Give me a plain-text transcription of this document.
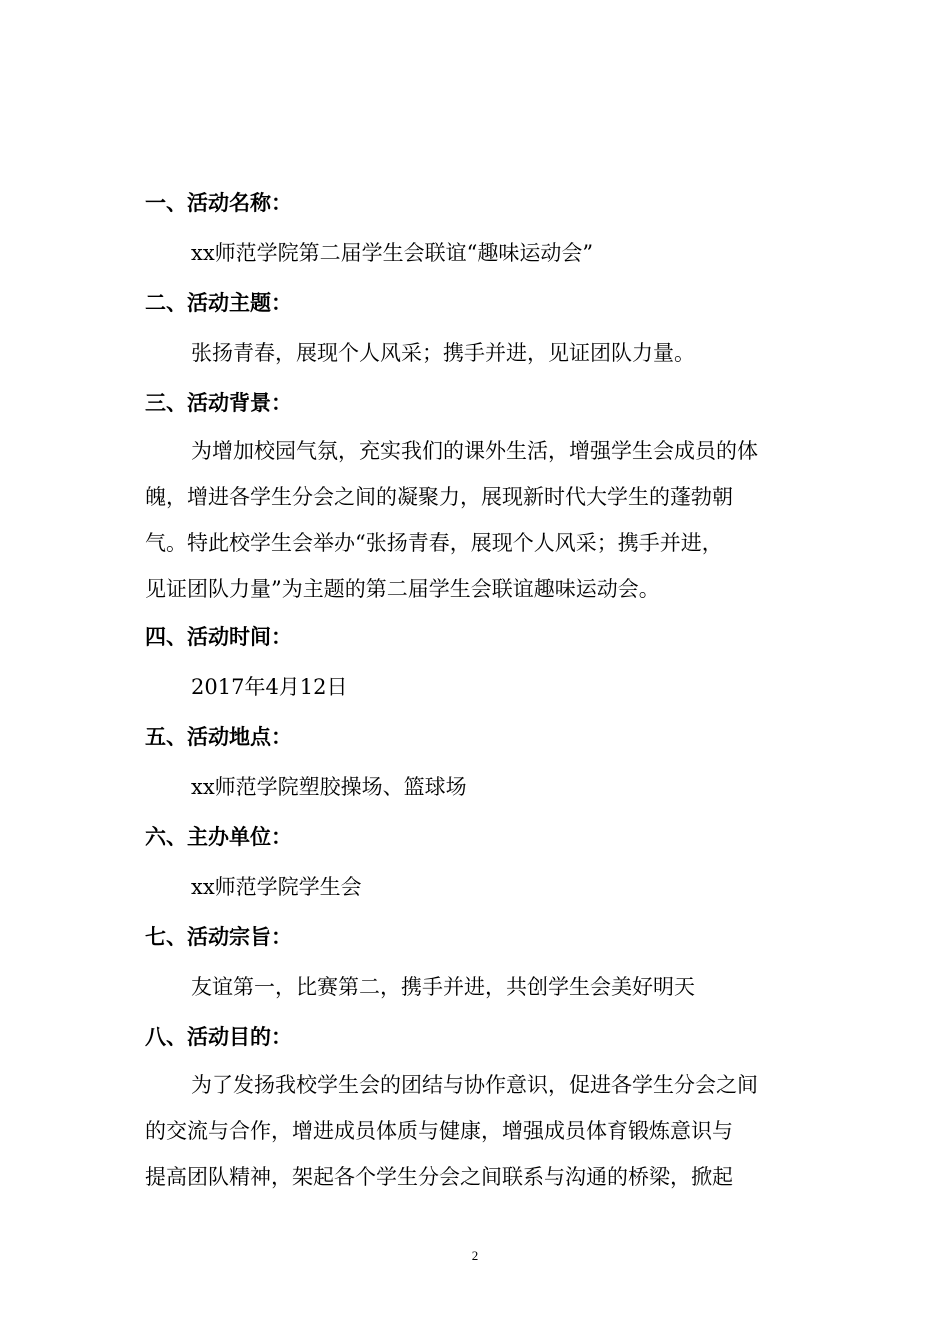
一、活动名称：
xx师范学院第二届学生会联谊“趣味运动会”
二、活动主题：
张扬青春，展现个人风采；携手并进，见证团队力量。
三、活动背景：
为增加校园气氛，充实我们的课外生活，增强学生会成员的体
魄，增进各学生分会之间的凝聚力，展现新时代大学生的蓬勃朝
气。特此校学生会举办“张扬青春，展现个人风采；携手并进，
见证团队力量”为主题的第二届学生会联谊趣味运动会。
四、活动时间：
2017年4月12日
五、活动地点：
xx师范学院塑胶操场、篮球场
六、主办单位：
xx师范学院学生会
七、活动宗旨：
友谊第一，比赛第二，携手并进，共创学生会美好明天
八、活动目的：
为了发扬我校学生会的团结与协作意识，促进各学生分会之间
的交流与合作，增进成员体质与健康，增强成员体育锻炼意识与
提高团队精神，架起各个学生分会之间联系与沟通的桥梁，掀起
2
